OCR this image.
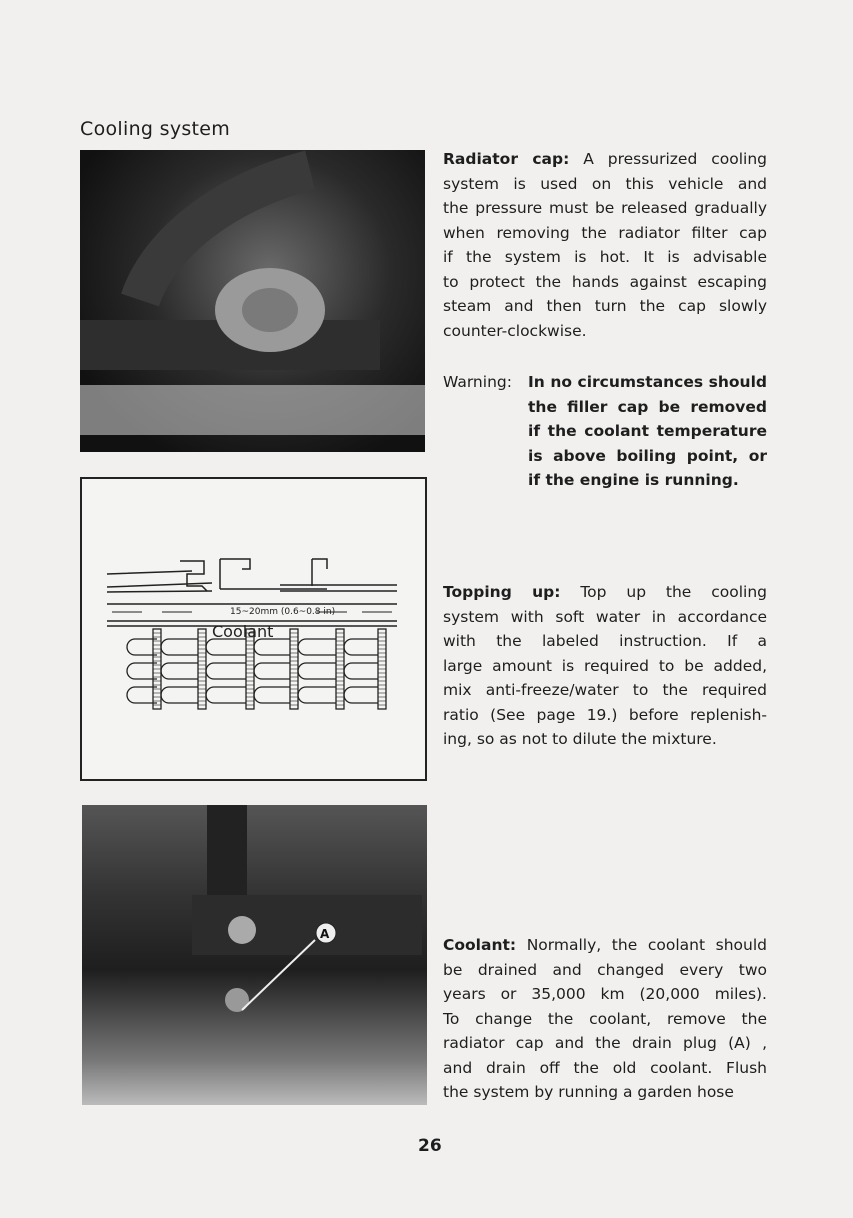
Cooling system
15~20mm (0.6~0.8 in)
Coolant
A
Radiator cap: A pressurized cooling
system is used on this vehicle and
the pressure must be released gradually
when removing the radiator filter cap
if the system is hot. It is advisable
to protect the hands against escaping
steam and then turn the cap slowly
counter-clockwise.
Warning: In no circumstances should
the filler cap be removed
if the coolant temperature
is above boiling point, or
if the engine is running.
Topping up: Top up the cooling
system with soft water in accordance
with the labeled instruction. If a
large amount is required to be added,
mix anti-freeze/water to the required
ratio (See page 19.) before replenish-
ing, so as not to dilute the mixture.
Coolant: Normally, the coolant should
be drained and changed every two
years or 35,000 km (20,000 miles).
To change the coolant, remove the
radiator cap and the drain plug (A) ,
and drain off the old coolant. Flush
the system by running a garden hose
26
